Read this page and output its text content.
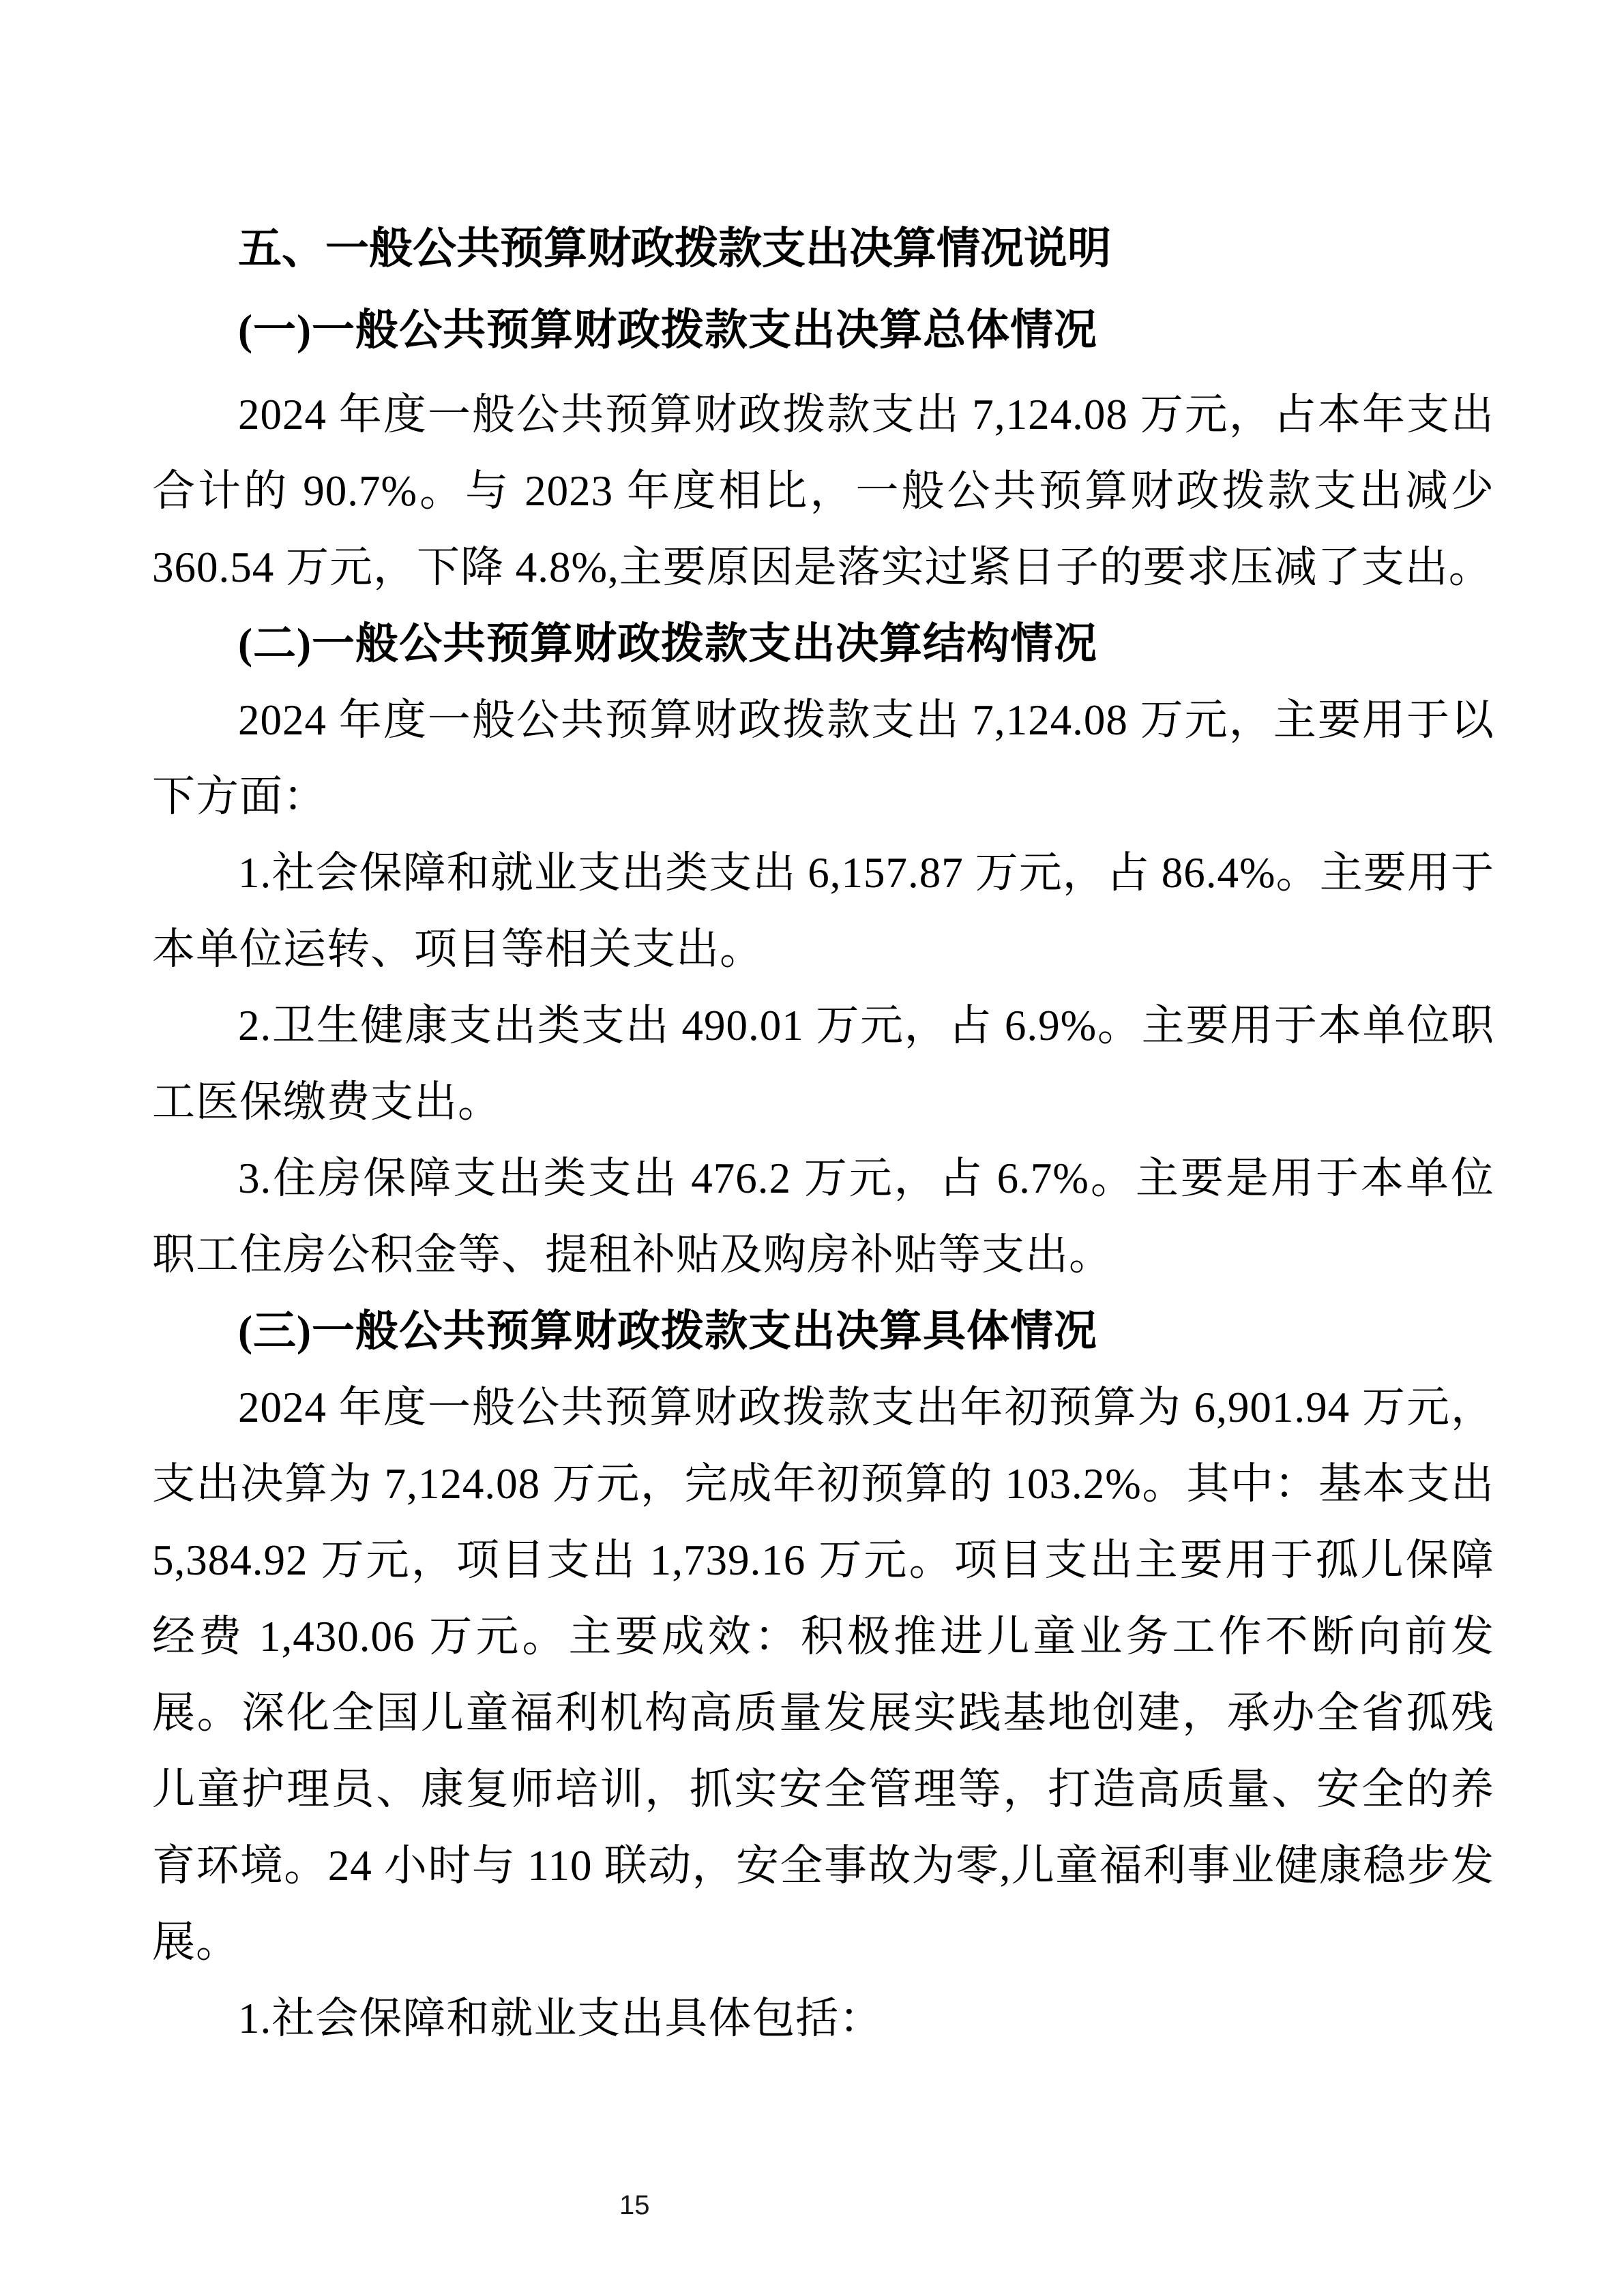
五、一般公共预算财政拨款支出决算情况说明

(一)一般公共预算财政拨款支出决算总体情况

2024 年度一般公共预算财政拨款支出 7,124.08 万元，占本年支出合计的 90.7%。与 2023 年度相比，一般公共预算财政拨款支出减少 360.54 万元，下降 4.8%,主要原因是落实过紧日子的要求压减了支出。

(二)一般公共预算财政拨款支出决算结构情况

2024 年度一般公共预算财政拨款支出 7,124.08 万元，主要用于以下方面：

1.社会保障和就业支出类支出 6,157.87 万元，占 86.4%。主要用于本单位运转、项目等相关支出。

2.卫生健康支出类支出 490.01 万元，占 6.9%。主要用于本单位职工医保缴费支出。

3.住房保障支出类支出 476.2 万元，占 6.7%。主要是用于本单位职工住房公积金等、提租补贴及购房补贴等支出。

(三)一般公共预算财政拨款支出决算具体情况

2024 年度一般公共预算财政拨款支出年初预算为 6,901.94 万元，支出决算为 7,124.08 万元，完成年初预算的 103.2%。其中：基本支出 5,384.92 万元，项目支出 1,739.16 万元。项目支出主要用于孤儿保障经费 1,430.06 万元。主要成效：积极推进儿童业务工作不断向前发展。深化全国儿童福利机构高质量发展实践基地创建，承办全省孤残儿童护理员、康复师培训，抓实安全管理等，打造高质量、安全的养育环境。24 小时与 110 联动，安全事故为零,儿童福利事业健康稳步发展。

1.社会保障和就业支出具体包括：

15
